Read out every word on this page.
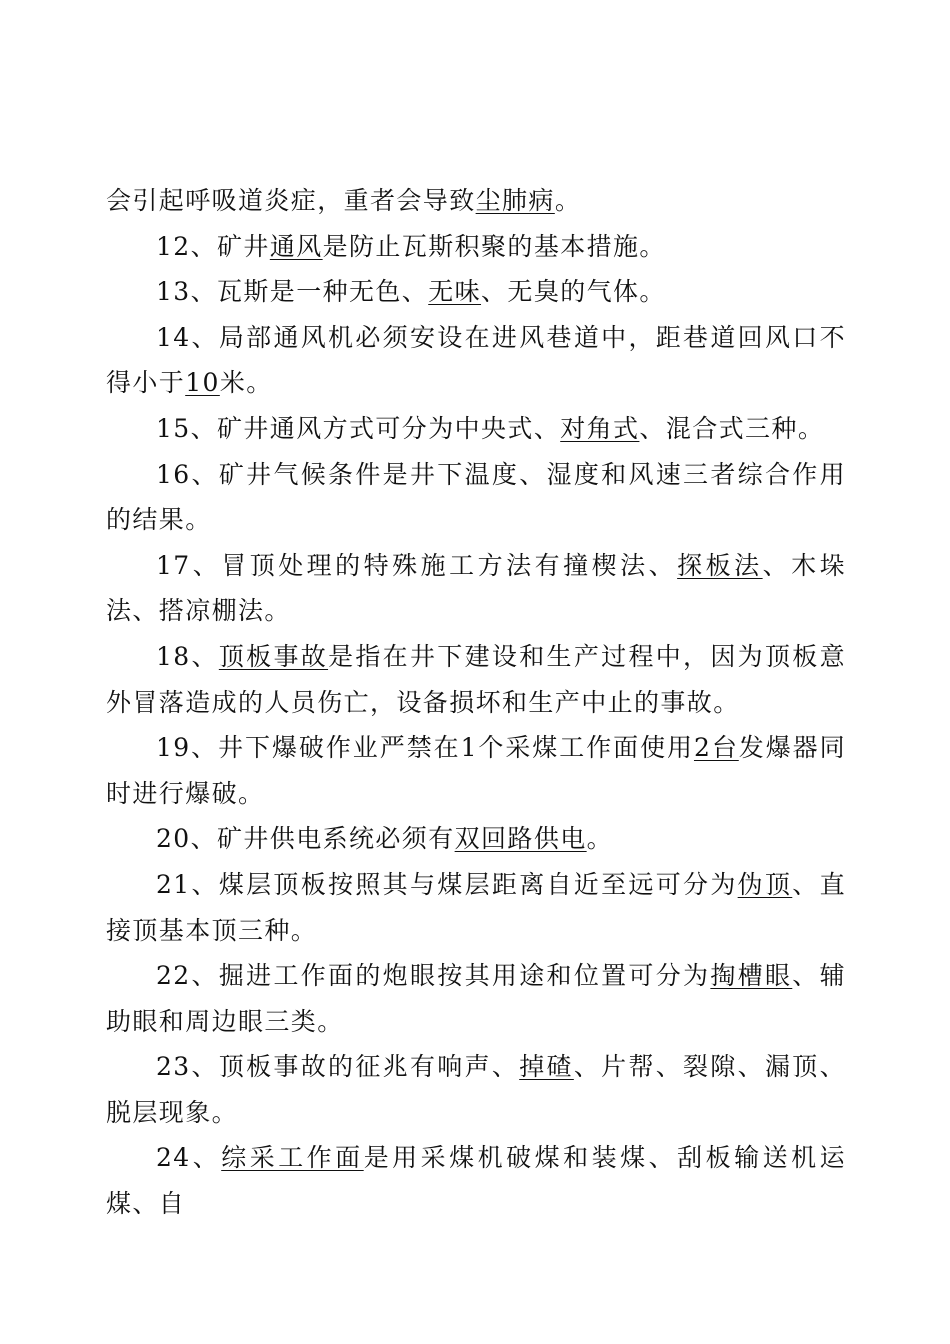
会引起呼吸道炎症，重者会导致尘肺病。

12、矿井通风是防止瓦斯积聚的基本措施。

13、瓦斯是一种无色、无味、无臭的气体。

14、局部通风机必须安设在进风巷道中，距巷道回风口不得小于10米。

15、矿井通风方式可分为中央式、对角式、混合式三种。

16、矿井气候条件是井下温度、湿度和风速三者综合作用的结果。

17、冒顶处理的特殊施工方法有撞楔法、探板法、木垛法、搭凉棚法。

18、顶板事故是指在井下建设和生产过程中，因为顶板意外冒落造成的人员伤亡，设备损坏和生产中止的事故。

19、井下爆破作业严禁在1个采煤工作面使用2台发爆器同时进行爆破。

20、矿井供电系统必须有双回路供电。

21、煤层顶板按照其与煤层距离自近至远可分为伪顶、直接顶基本顶三种。

22、掘进工作面的炮眼按其用途和位置可分为掏槽眼、辅助眼和周边眼三类。

23、顶板事故的征兆有响声、掉碴、片帮、裂隙、漏顶、脱层现象。

24、综采工作面是用采煤机破煤和装煤、刮板输送机运煤、自
